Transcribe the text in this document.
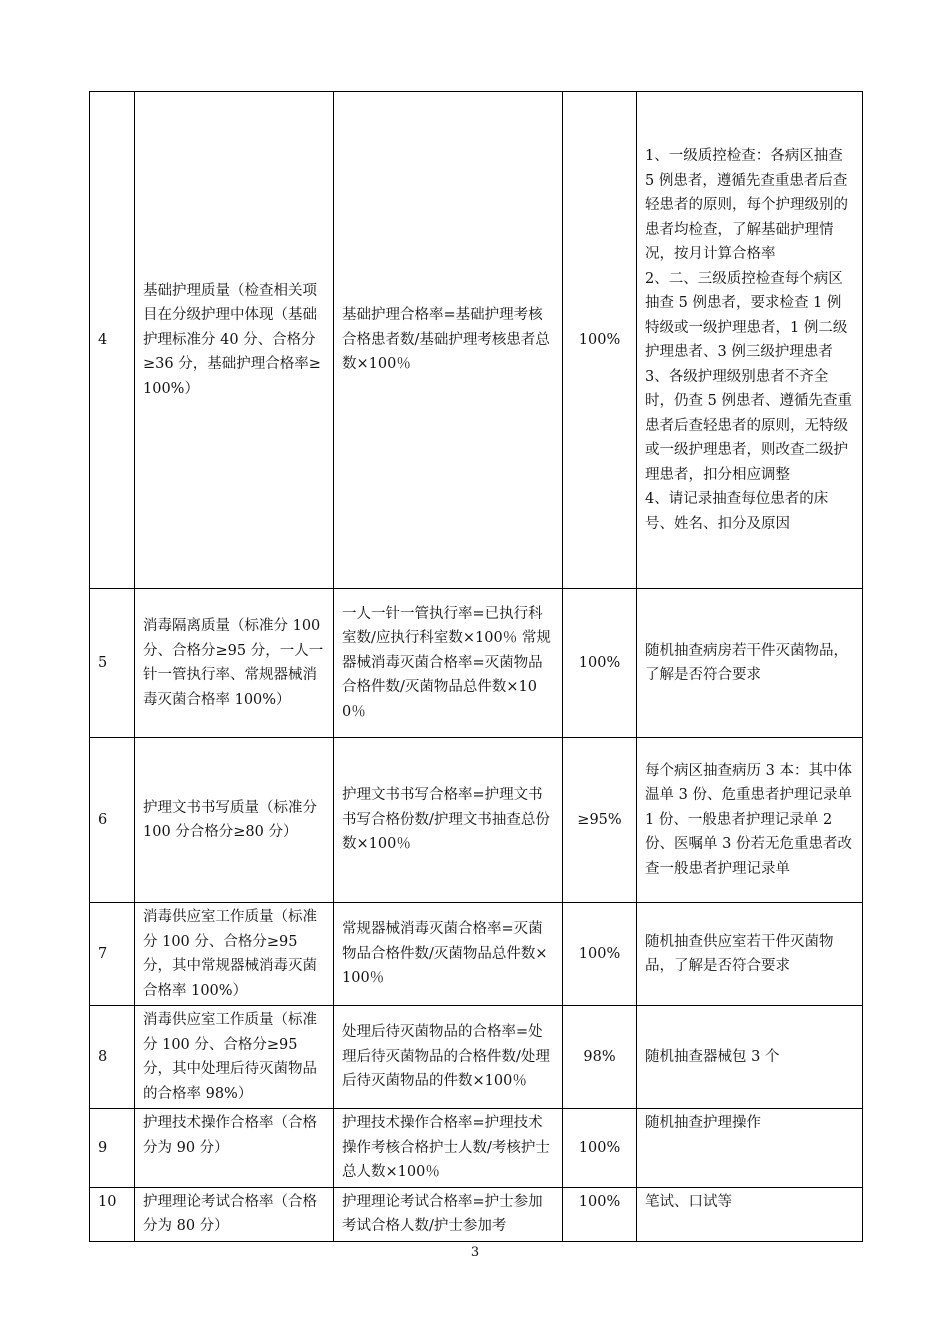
4	基础护理质量（检查相关项目在分级护理中体现（基础护理标准分 40 分、合格分≥36 分，基础护理合格率≥100%）	基础护理合格率=基础护理考核合格患者数/基础护理考核患者总数×100％	100%	1、一级质控检查：各病区抽查 5 例患者，遵循先查重患者后查轻患者的原则，每个护理级别的患者均检查，了解基础护理情况，按月计算合格率
2、二、三级质控检查每个病区抽查 5 例患者，要求检查 1 例特级或一级护理患者，1 例二级护理患者、3 例三级护理患者
3、各级护理级别患者不齐全时，仍查 5 例患者、遵循先查重患者后查轻患者的原则，无特级或一级护理患者，则改查二级护理患者，扣分相应调整
4、请记录抽查每位患者的床号、姓名、扣分及原因

5	消毒隔离质量（标准分 100 分、合格分≥95 分，一人一针一管执行率、常规器械消毒灭菌合格率 100%）	一人一针一管执行率=已执行科室数/应执行科室数×100％ 常规器械消毒灭菌合格率=灭菌物品合格件数/灭菌物品总件数×100％	100%	随机抽查病房若干件灭菌物品，了解是否符合要求
6	护理文书书写质量（标准分 100 分合格分≥80 分）	护理文书书写合格率=护理文书书写合格份数/护理文书抽查总份数×100％	≥95%	每个病区抽查病历 3 本：其中体温单 3 份、危重患者护理记录单 1 份、一般患者护理记录单 2 份、医嘱单 3 份若无危重患者改查一般患者护理记录单
7	消毒供应室工作质量（标准分 100 分、合格分≥95 分，其中常规器械消毒灭菌合格率 100%）	常规器械消毒灭菌合格率=灭菌物品合格件数/灭菌物品总件数×100％	100%	随机抽查供应室若干件灭菌物品，了解是否符合要求
8	消毒供应室工作质量（标准分 100 分、合格分≥95 分，其中处理后待灭菌物品的合格率 98%）	处理后待灭菌物品的合格率=处理后待灭菌物品的合格件数/处理后待灭菌物品的件数×100％	98%	随机抽查器械包 3 个
9	护理技术操作合格率（合格分为 90 分）	护理技术操作合格率=护理技术操作考核合格护士人数/考核护士总人数×100％	100%	随机抽查护理操作
10	护理理论考试合格率（合格分为 80 分）	护理理论考试合格率=护士参加考试合格人数/护士参加考	100%	笔试、口试等
3
